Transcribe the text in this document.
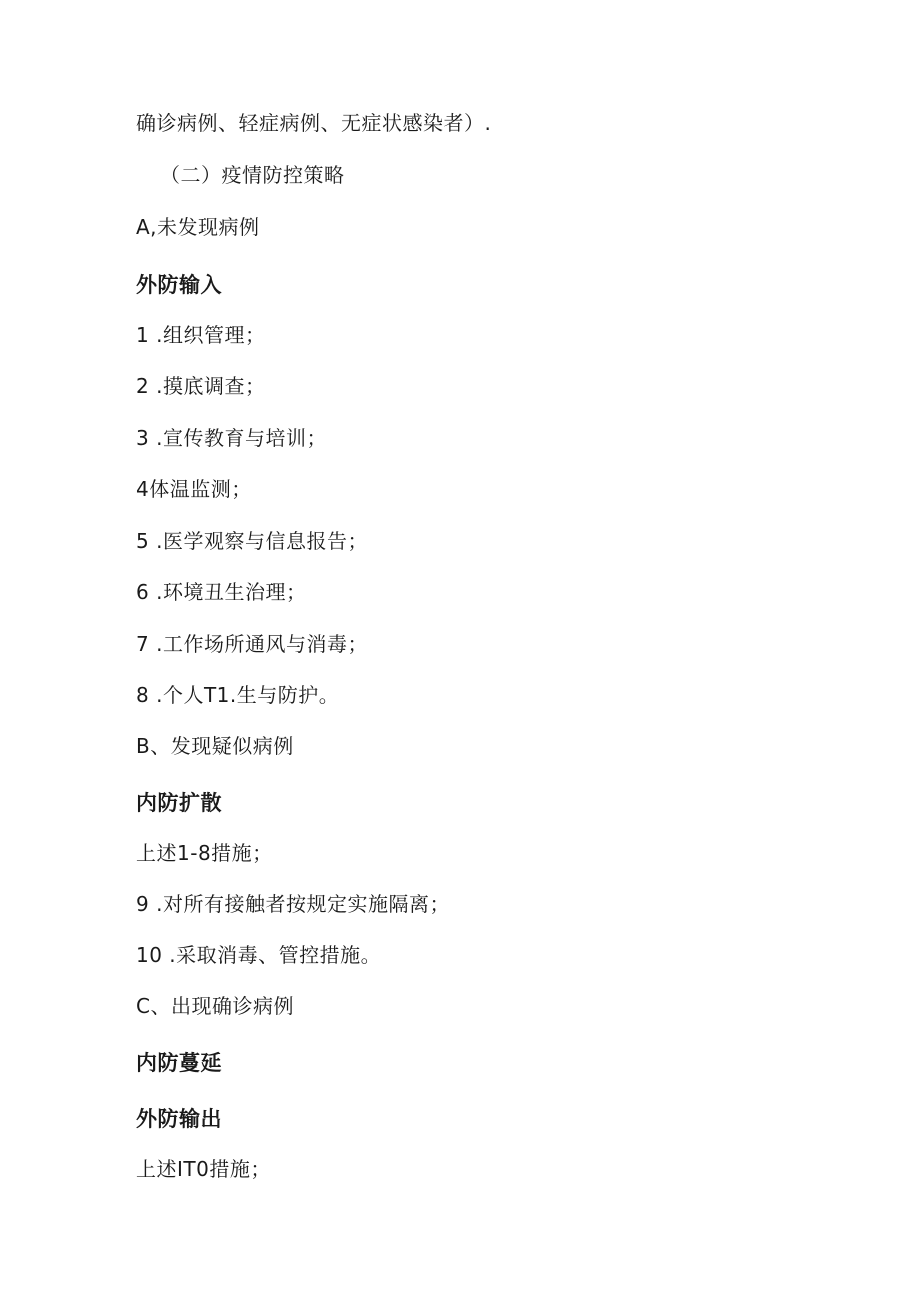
确诊病例、轻症病例、无症状感染者）.
（二）疫情防控策略
A,未发现病例
外防输入
1 .组织管理；
2 .摸底调查；
3 .宣传教育与培训；
4体温监测；
5 .医学观察与信息报告；
6 .环境丑生治理；
7 .工作场所通风与消毒；
8 .个人T1.生与防护。
B、发现疑似病例
内防扩散
上述1-8措施；
9 .对所有接触者按规定实施隔离；
10 .采取消毒、管控措施。
C、出现确诊病例
内防蔓延
外防输出
上述IT0措施；
